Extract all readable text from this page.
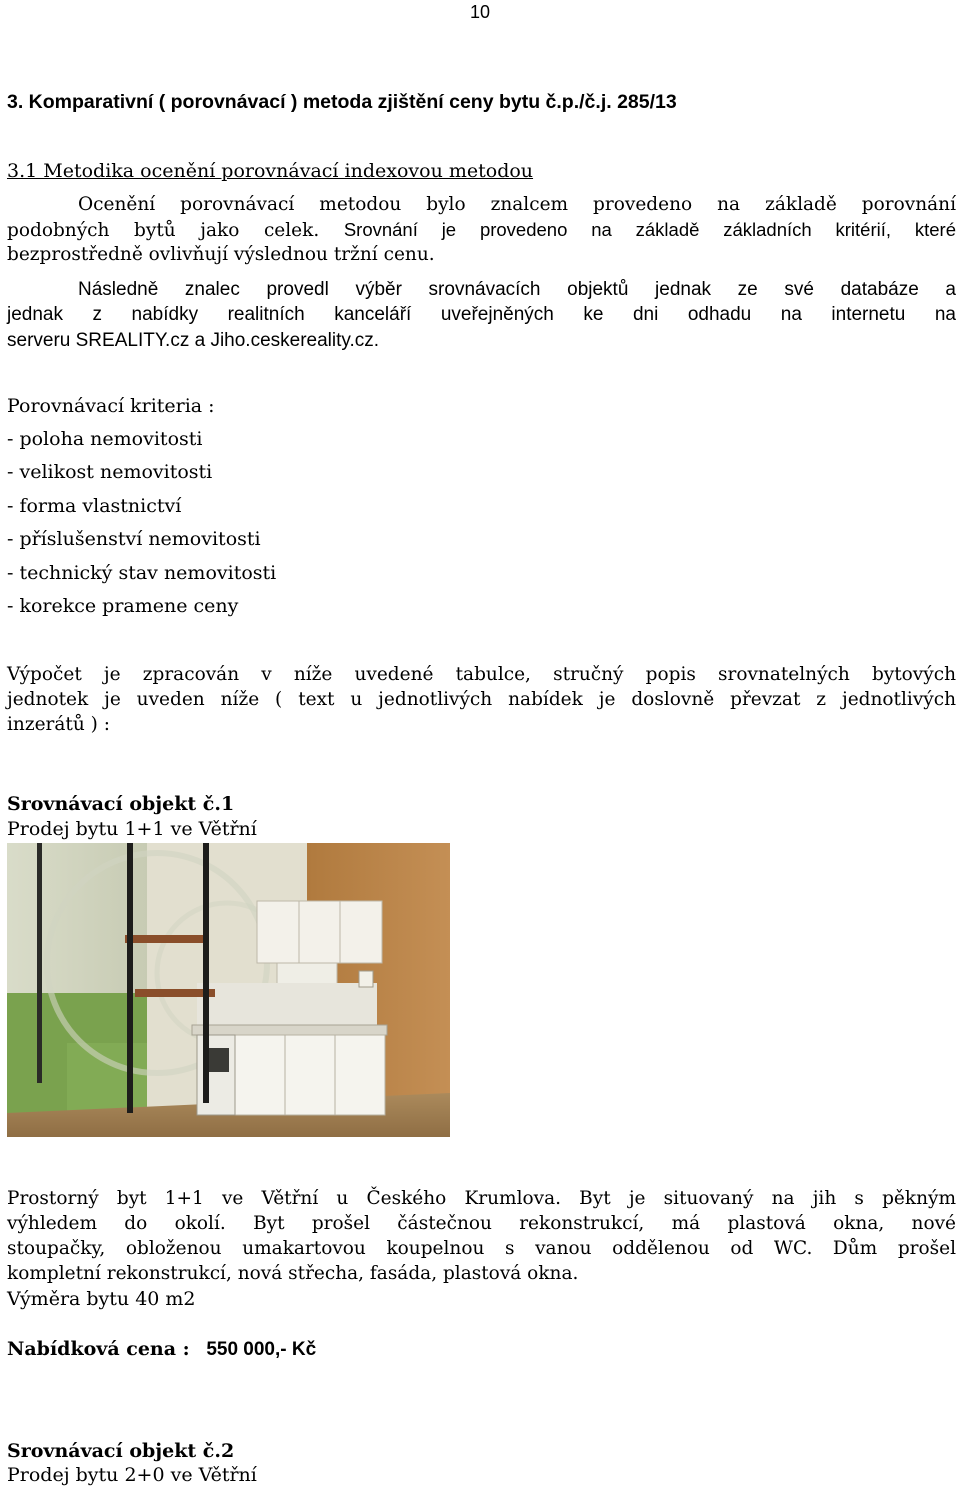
10
3. Komparativní ( porovnávací ) metoda zjištění ceny bytu č.p./č.j. 285/13
3.1 Metodika ocenění porovnávací indexovou metodou
Ocenění porovnávací metodou bylo znalcem provedeno na základě porovnání
podobných bytů jako celek. Srovnání je provedeno na základě základních kritérií, které
bezprostředně ovlivňují výslednou tržní cenu.
Následně znalec provedl výběr srovnávacích objektů jednak ze své databáze a
jednak z nabídky realitních kanceláří uveřejněných ke dni odhadu na internetu na
serveru SREALITY.cz a Jiho.ceskereality.cz.
Porovnávací kriteria :
- poloha nemovitosti
- velikost nemovitosti
- forma vlastnictví
- příslušenství nemovitosti
- technický stav nemovitosti
- korekce pramene ceny
Výpočet je zpracován v níže uvedené tabulce, stručný popis srovnatelných bytových
jednotek je uveden níže ( text u jednotlivých nabídek je doslovně převzat z jednotlivých
inzerátů ) :
Srovnávací objekt č.1
Prodej bytu 1+1 ve Větřní
Prostorný byt 1+1 ve Větřní u Českého Krumlova. Byt je situovaný na jih s pěkným
výhledem do okolí. Byt prošel částečnou rekonstrukcí, má plastová okna, nové
stoupačky, obloženou umakartovou koupelnou s vanou oddělenou od WC. Dům prošel
kompletní rekonstrukcí, nová střecha, fasáda, plastová okna.
Výměra bytu 40 m2
Nabídková cena : 550 000,- Kč
Srovnávací objekt č.2
Prodej bytu 2+0 ve Větřní
